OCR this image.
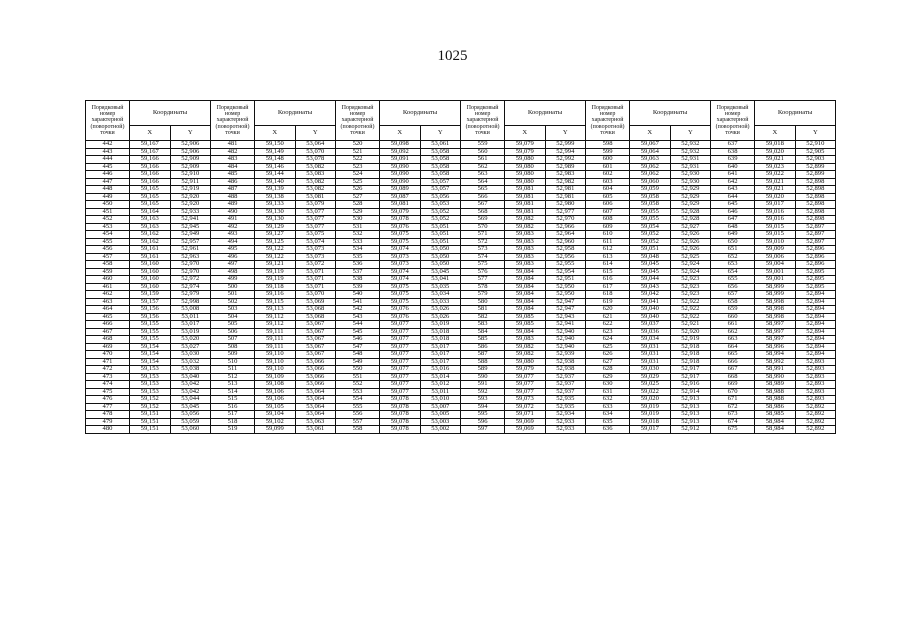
1025
Порядковый номер характерной (поворотной) точки	Координаты		Порядковый номер характерной (поворотной) точки	Координаты		Порядковый номер характерной (поворотной) точки	Координаты		Порядковый номер характерной (поворотной) точки	Координаты		Порядковый номер характерной (поворотной) точки	Координаты		Порядковый номер характерной (поворотной) точки	Координаты	
	X	Y		X	Y		X	Y		X	Y		X	Y		X	Y
442	59,167	52,906	481	59,150	53,064	520	59,098	53,061	559	59,079	52,999	598	59,067	52,932	637	59,018	52,910
443	59,167	52,906	482	59,149	53,070	521	59,092	53,058	560	59,079	52,994	599	59,064	52,932	638	59,020	52,905
444	59,166	52,909	483	59,148	53,078	522	59,091	53,058	561	59,080	52,992	600	59,063	52,931	639	59,021	52,903
445	59,166	52,909	484	59,146	53,082	523	59,090	53,058	562	59,080	52,989	601	59,062	52,931	640	59,023	52,899
446	59,166	52,910	485	59,144	53,083	524	59,090	53,058	563	59,080	52,983	602	59,062	52,930	641	59,022	52,899
447	59,166	52,911	486	59,140	53,082	525	59,090	53,057	564	59,080	52,982	603	59,060	52,930	642	59,021	52,898
448	59,165	52,919	487	59,139	53,082	526	59,089	53,057	565	59,081	52,981	604	59,059	52,929	643	59,021	52,898
449	59,165	52,920	488	59,138	53,081	527	59,087	53,056	566	59,081	52,981	605	59,058	52,929	644	59,020	52,898
450	59,165	52,920	489	59,133	53,079	528	59,081	53,053	567	59,081	52,980	606	59,058	52,929	645	59,017	52,898
451	59,164	52,933	490	59,130	53,077	529	59,079	53,052	568	59,081	52,977	607	59,055	52,928	646	59,016	52,898
452	59,163	52,941	491	59,130	53,077	530	59,078	53,052	569	59,082	52,970	608	59,055	52,928	647	59,016	52,898
453	59,163	52,945	492	59,129	53,077	531	59,076	53,051	570	59,082	52,966	609	59,054	52,927	648	59,015	52,897
454	59,162	52,949	493	59,127	53,075	532	59,075	53,051	571	59,083	52,964	610	59,052	52,926	649	59,015	52,897
455	59,162	52,957	494	59,125	53,074	533	59,075	53,051	572	59,083	52,960	611	59,052	52,926	650	59,010	52,897
456	59,161	52,961	495	59,122	53,073	534	59,074	53,050	573	59,083	52,958	612	59,051	52,926	651	59,009	52,896
457	59,161	52,963	496	59,122	53,073	535	59,073	53,050	574	59,083	52,956	613	59,048	52,925	652	59,006	52,896
458	59,160	52,970	497	59,121	53,072	536	59,073	53,050	575	59,083	52,955	614	59,045	52,924	653	59,004	52,896
459	59,160	52,970	498	59,119	53,071	537	59,074	53,045	576	59,084	52,954	615	59,045	52,924	654	59,001	52,895
460	59,160	52,972	499	59,119	53,071	538	59,074	53,041	577	59,084	52,951	616	59,044	52,923	655	59,001	52,895
461	59,160	52,974	500	59,118	53,071	539	59,075	53,035	578	59,084	52,950	617	59,043	52,923	656	58,999	52,895
462	59,159	52,979	501	59,116	53,070	540	59,075	53,034	579	59,084	52,950	618	59,042	52,923	657	58,999	52,894
463	59,157	52,998	502	59,115	53,069	541	59,075	53,033	580	59,084	52,947	619	59,041	52,922	658	58,998	52,894
464	59,156	53,008	503	59,113	53,068	542	59,076	53,026	581	59,084	52,947	620	59,040	52,922	659	58,998	52,894
465	59,156	53,011	504	59,112	53,068	543	59,076	53,026	582	59,085	52,943	621	59,040	52,922	660	58,998	52,894
466	59,155	53,017	505	59,112	53,067	544	59,077	53,019	583	59,085	52,941	622	59,037	52,921	661	58,997	52,894
467	59,155	53,019	506	59,111	53,067	545	59,077	53,018	584	59,084	52,940	623	59,036	52,920	662	58,997	52,894
468	59,155	53,020	507	59,111	53,067	546	59,077	53,018	585	59,083	52,940	624	59,034	52,919	663	58,997	52,894
469	59,154	53,027	508	59,111	53,067	547	59,077	53,017	586	59,082	52,940	625	59,031	52,918	664	58,996	52,894
470	59,154	53,030	509	59,110	53,067	548	59,077	53,017	587	59,082	52,939	626	59,031	52,918	665	58,994	52,894
471	59,154	53,032	510	59,110	53,066	549	59,077	53,017	588	59,080	52,938	627	59,031	52,918	666	58,992	52,893
472	59,153	53,038	511	59,110	53,066	550	59,077	53,016	589	59,079	52,938	628	59,030	52,917	667	58,991	52,893
473	59,153	53,040	512	59,109	53,066	551	59,077	53,014	590	59,077	52,937	629	59,029	52,917	668	58,990	52,893
474	59,153	53,042	513	59,108	53,066	552	59,077	53,012	591	59,077	52,937	630	59,025	52,916	669	58,989	52,893
475	59,153	53,042	514	59,106	53,064	553	59,077	53,011	592	59,077	52,937	631	59,022	52,914	670	58,988	52,893
476	59,152	53,044	515	59,106	53,064	554	59,078	53,010	593	59,073	52,935	632	59,020	52,913	671	58,988	52,893
477	59,152	53,045	516	59,105	53,064	555	59,078	53,007	594	59,072	52,935	633	59,019	52,913	672	58,986	52,892
478	59,151	53,056	517	59,104	53,064	556	59,078	53,005	595	59,071	52,934	634	59,019	52,913	673	58,985	52,892
479	59,151	53,059	518	59,102	53,063	557	59,078	53,003	596	59,069	52,933	635	59,018	52,913	674	58,984	52,892
480	59,151	53,060	519	59,099	53,061	558	59,078	53,002	597	59,069	52,933	636	59,017	52,912	675	58,984	52,892
